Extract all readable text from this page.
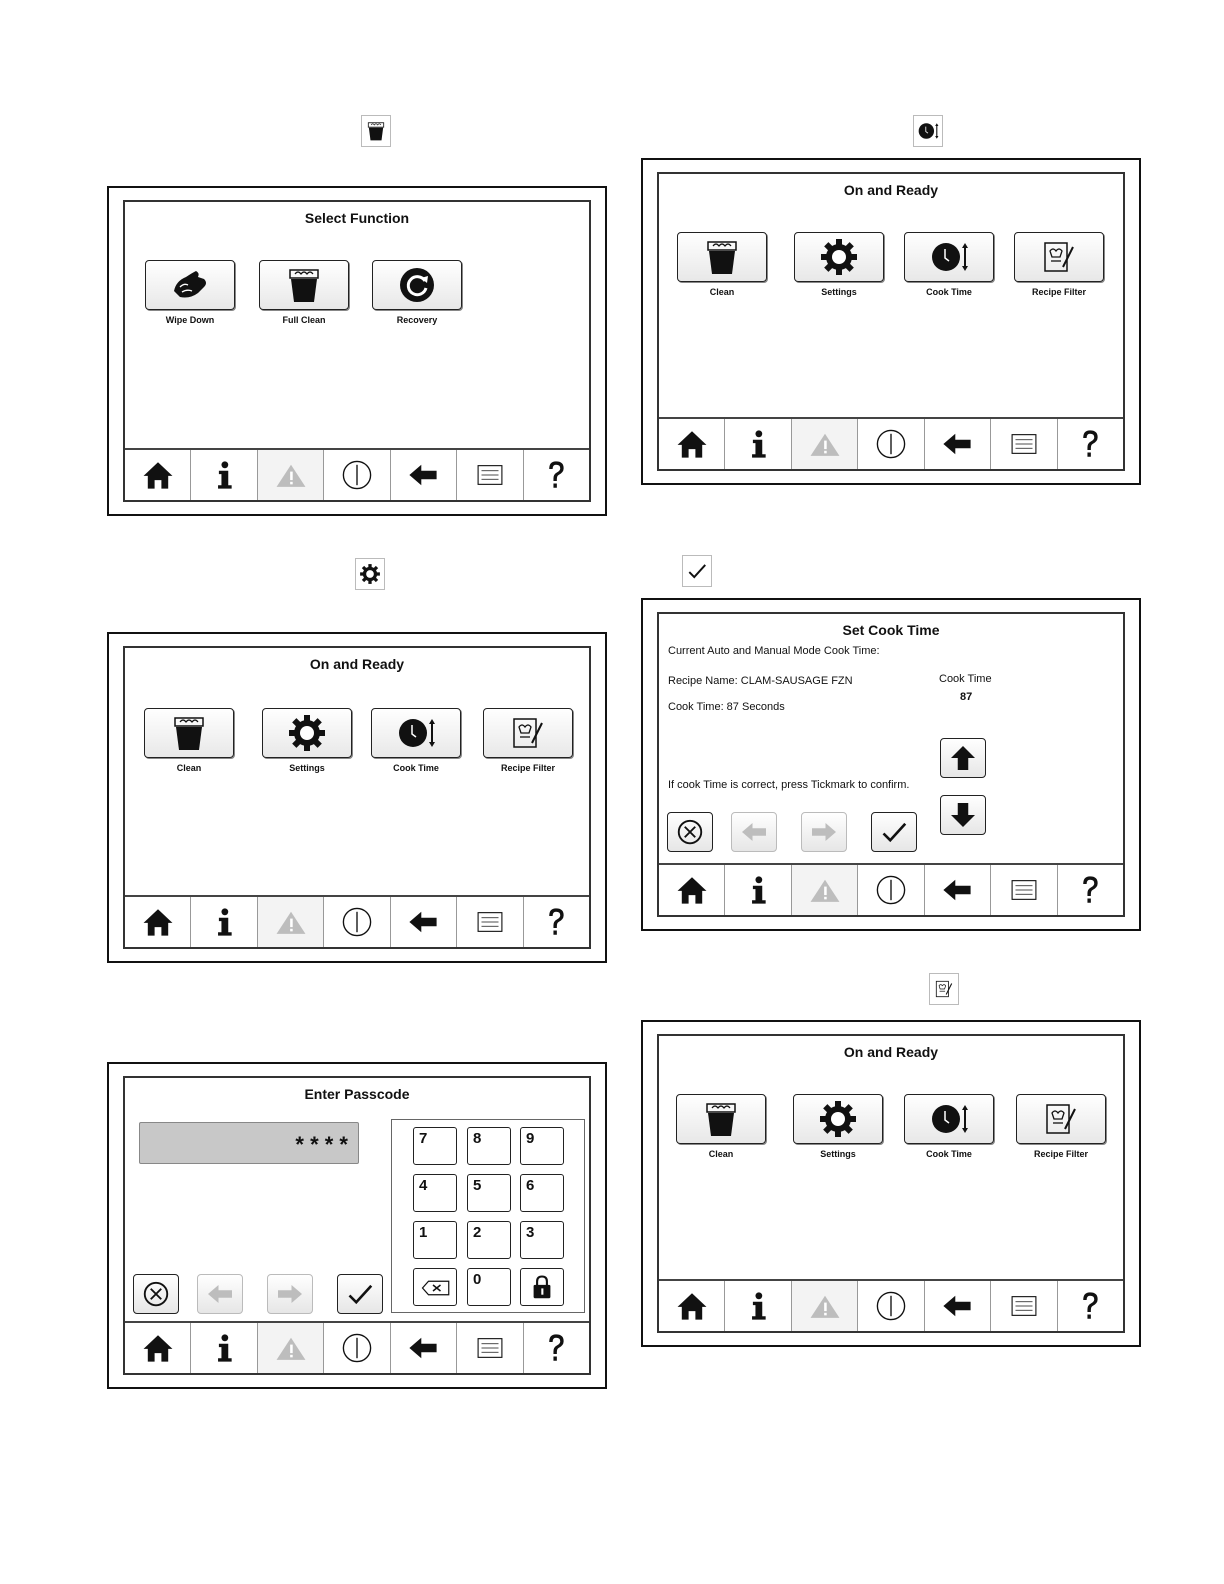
Select Function
Wipe Down	Full Clean	Recovery
On and Ready
Clean	Settings	Cook Time	Recipe Filter
On and Ready
Clean	Settings	Cook Time	Recipe Filter
Set Cook Time
Current Auto and Manual Mode Cook Time:
Recipe Name: CLAM-SAUSAGE FZN
Cook Time: 87 Seconds
Cook Time
87
If cook Time is correct, press Tickmark to confirm.
Enter Passcode
* * * *	7	8	9
4	5	6
1	2	3
0
On and Ready
Clean	Settings	Cook Time	Recipe Filter
